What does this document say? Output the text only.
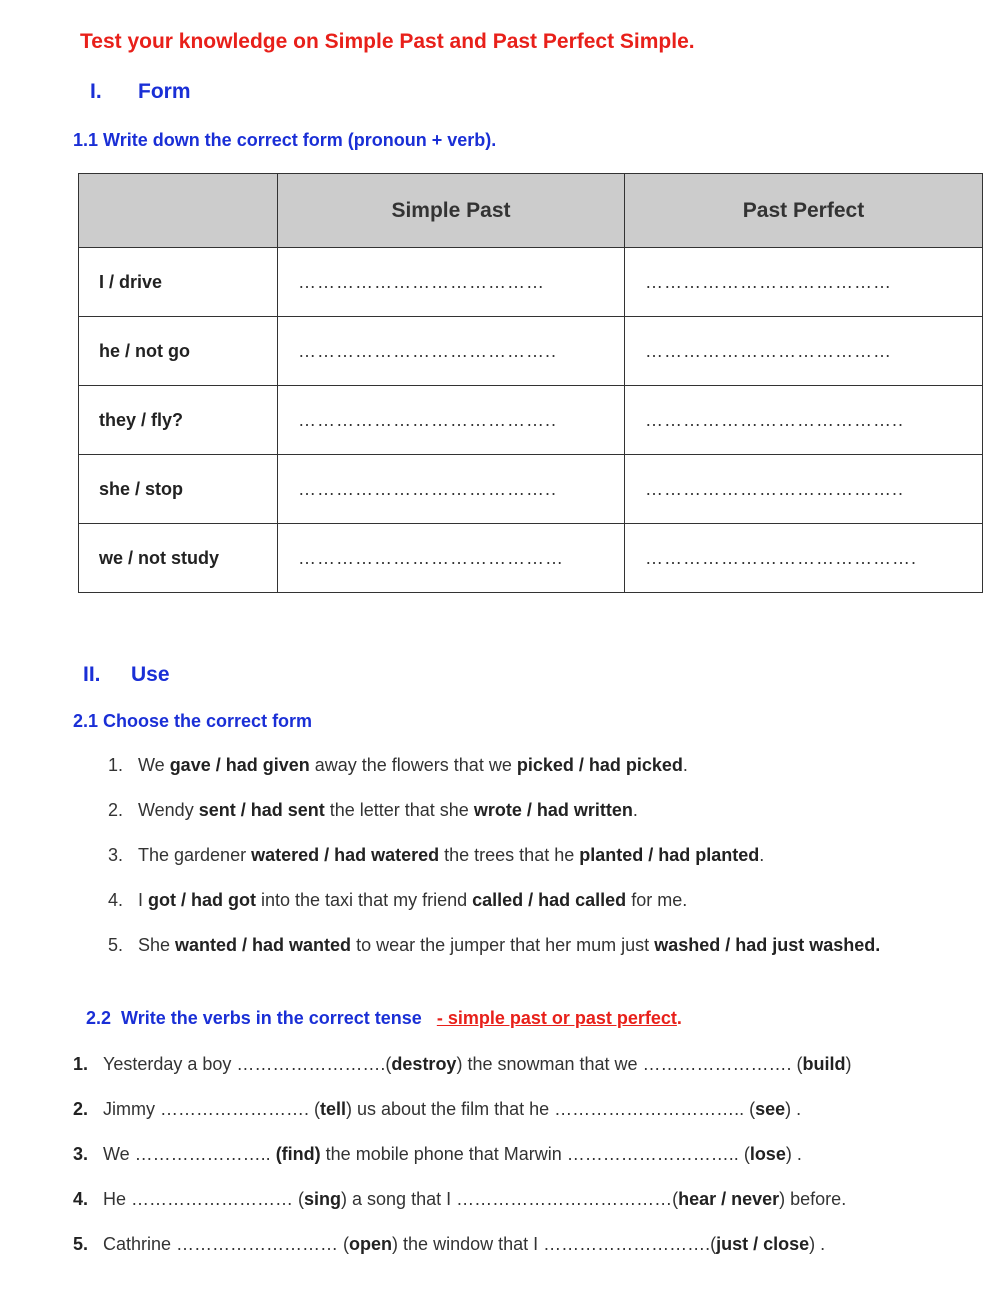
Test your knowledge on Simple Past and Past Perfect Simple.
I. Form
1.1 Write down the correct form (pronoun + verb).
	Simple Past	Past Perfect
I / drive	…………………………………	…………………………………
he / not go	…………………………………..	…………………………………
they / fly?	…………………………………..	…………………………………..
she / stop	…………………………………..	…………………………………..
we / not study	……………………………………	…………………………………….
II. Use
2.1 Choose the correct form
1. We gave / had given away the flowers that we picked / had picked.
2. Wendy sent / had sent the letter that she wrote / had written.
3. The gardener watered / had watered the trees that he planted / had planted.
4. I got / had got into the taxi that my friend called / had called for me.
5. She wanted / had wanted to wear the jumper that her mum just washed / had just washed.
2.2 Write the verbs in the correct tense - simple past or past perfect.
1. Yesterday a boy …………………….(destroy) the snowman that we ……………………. (build)
2. Jimmy ……………………. (tell) us about the film that he ………………………….. (see) .
3. We ………………….. (find) the mobile phone that Marwin ……………………….. (lose) .
4. He ……………………… (sing) a song that I ………………………………(hear / never) before.
5. Cathrine ……………………… (open) the window that I ……………………….(just / close) .
